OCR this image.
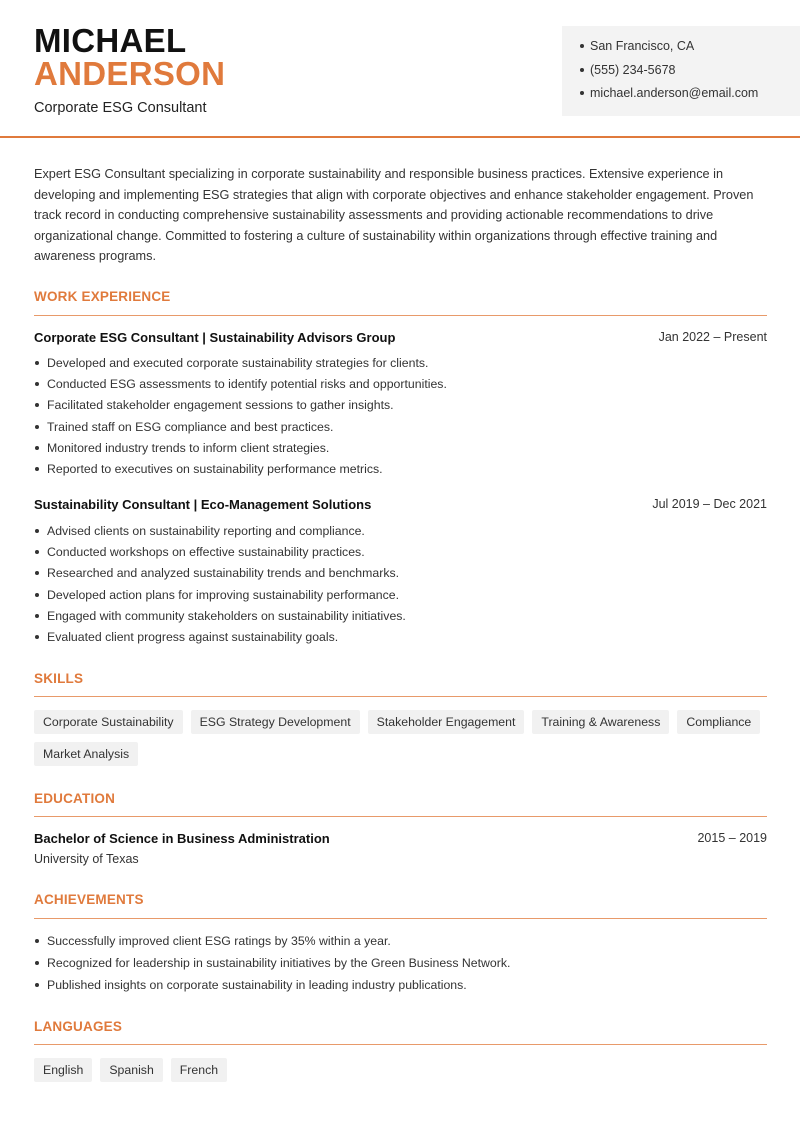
MICHAEL
ANDERSON
Corporate ESG Consultant
San Francisco, CA
(555) 234-5678
michael.anderson@email.com

Expert ESG Consultant specializing in corporate sustainability and responsible business practices. Extensive experience in developing and implementing ESG strategies that align with corporate objectives and enhance stakeholder engagement. Proven track record in conducting comprehensive sustainability assessments and providing actionable recommendations to drive organizational change. Committed to fostering a culture of sustainability within organizations through effective training and awareness programs.

WORK EXPERIENCE
Corporate ESG Consultant | Sustainability Advisors Group	Jan 2022 – Present
Developed and executed corporate sustainability strategies for clients.
Conducted ESG assessments to identify potential risks and opportunities.
Facilitated stakeholder engagement sessions to gather insights.
Trained staff on ESG compliance and best practices.
Monitored industry trends to inform client strategies.
Reported to executives on sustainability performance metrics.
Sustainability Consultant | Eco-Management Solutions	Jul 2019 – Dec 2021
Advised clients on sustainability reporting and compliance.
Conducted workshops on effective sustainability practices.
Researched and analyzed sustainability trends and benchmarks.
Developed action plans for improving sustainability performance.
Engaged with community stakeholders on sustainability initiatives.
Evaluated client progress against sustainability goals.
SKILLS
Corporate Sustainability	ESG Strategy Development	Stakeholder Engagement	Training & Awareness	Compliance
Market Analysis
EDUCATION
Bachelor of Science in Business Administration	2015 – 2019
University of Texas
ACHIEVEMENTS
Successfully improved client ESG ratings by 35% within a year.
Recognized for leadership in sustainability initiatives by the Green Business Network.
Published insights on corporate sustainability in leading industry publications.
LANGUAGES
English	Spanish	French
